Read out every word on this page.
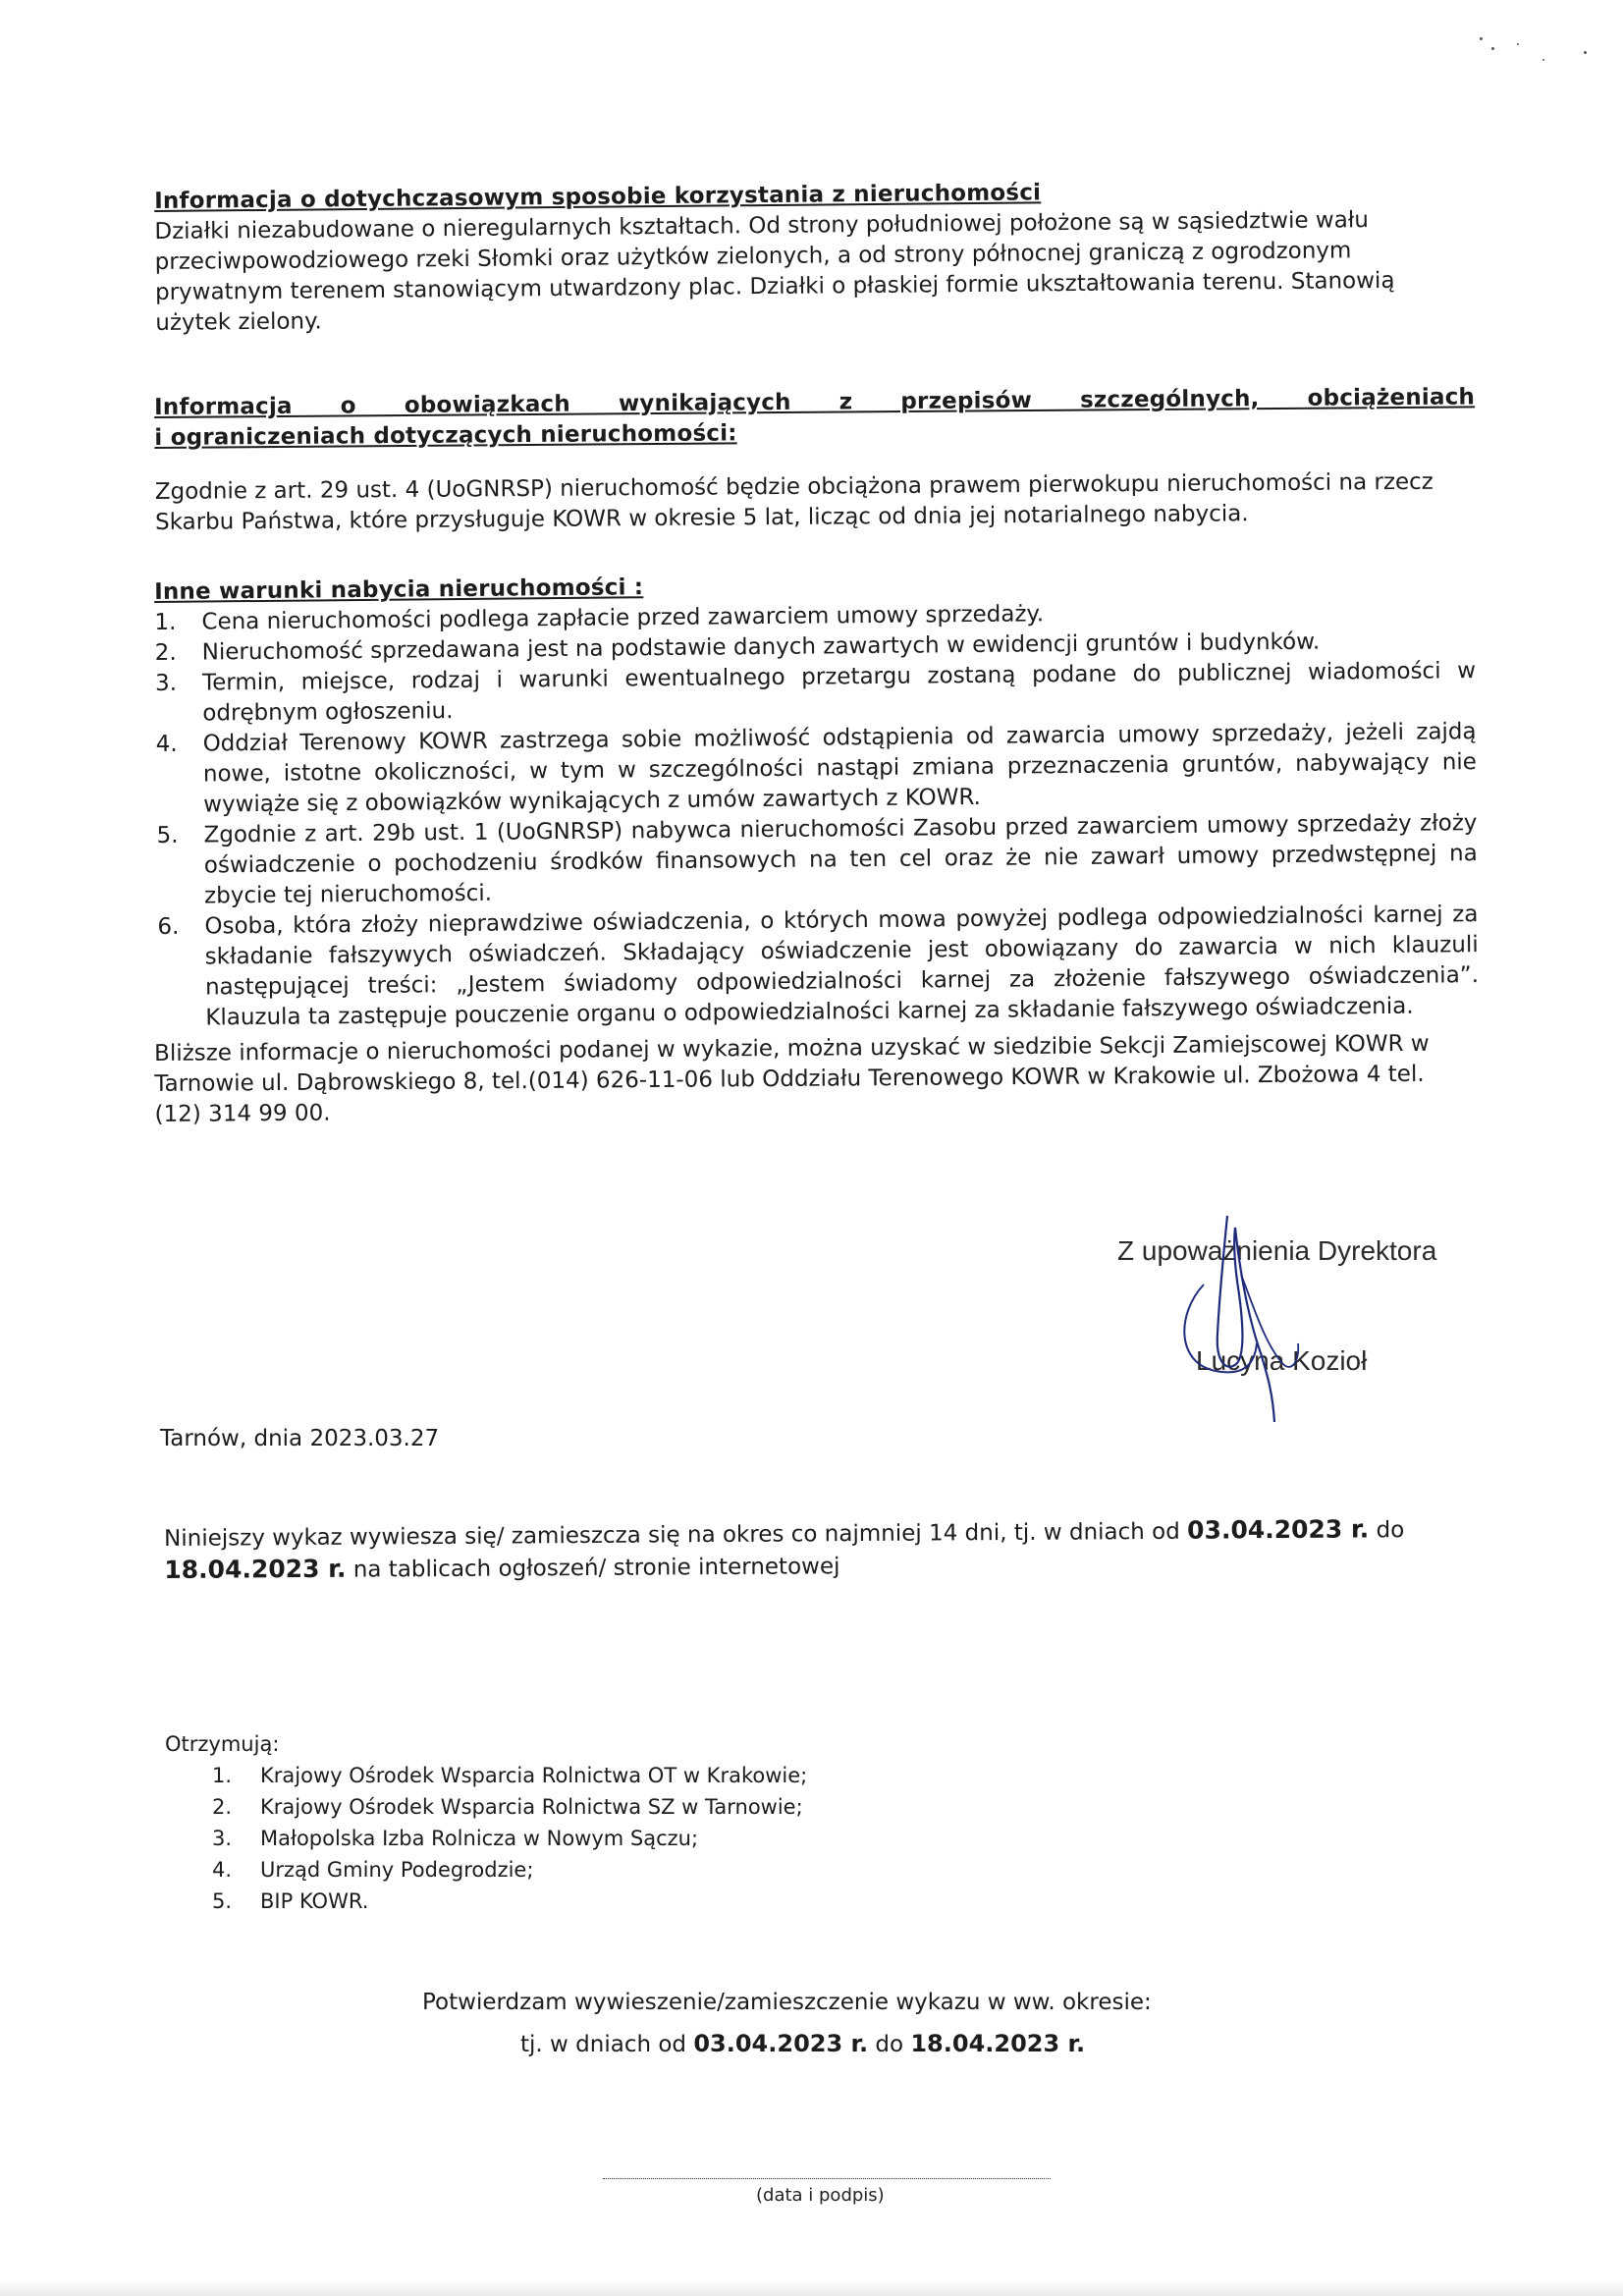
Informacja o dotychczasowym sposobie korzystania z nieruchomości

Działki niezabudowane o nieregularnych kształtach. Od strony południowej położone są w sąsiedztwie wału przeciwpowodziowego rzeki Słomki oraz użytków zielonych, a od strony północnej graniczą z ogrodzonym prywatnym terenem stanowiącym utwardzony plac. Działki o płaskiej formie ukształtowania terenu. Stanowią użytek zielony.

Informacja o obowiązkach wynikających z przepisów szczególnych, obciążeniach
i ograniczeniach dotyczących nieruchomości:

Zgodnie z art. 29 ust. 4 (UoGNRSP) nieruchomość będzie obciążona prawem pierwokupu nieruchomości na rzecz Skarbu Państwa, które przysługuje KOWR w okresie 5 lat, licząc od dnia jej notarialnego nabycia.

Inne warunki nabycia nieruchomości :
1. Cena nieruchomości podlega zapłacie przed zawarciem umowy sprzedaży.
2. Nieruchomość sprzedawana jest na podstawie danych zawartych w ewidencji gruntów i budynków.
3. Termin, miejsce, rodzaj i warunki ewentualnego przetargu zostaną podane do publicznej wiadomości w odrębnym ogłoszeniu.
4. Oddział Terenowy KOWR zastrzega sobie możliwość odstąpienia od zawarcia umowy sprzedaży, jeżeli zajdą nowe, istotne okoliczności, w tym w szczególności nastąpi zmiana przeznaczenia gruntów, nabywający nie wywiąże się z obowiązków wynikających z umów zawartych z KOWR.
5. Zgodnie z art. 29b ust. 1 (UoGNRSP) nabywca nieruchomości Zasobu przed zawarciem umowy sprzedaży złoży oświadczenie o pochodzeniu środków finansowych na ten cel oraz że nie zawarł umowy przedwstępnej na zbycie tej nieruchomości.
6. Osoba, która złoży nieprawdziwe oświadczenia, o których mowa powyżej podlega odpowiedzialności karnej za składanie fałszywych oświadczeń. Składający oświadczenie jest obowiązany do zawarcia w nich klauzuli następującej treści: „Jestem świadomy odpowiedzialności karnej za złożenie fałszywego oświadczenia”. Klauzula ta zastępuje pouczenie organu o odpowiedzialności karnej za składanie fałszywego oświadczenia.

Bliższe informacje o nieruchomości podanej w wykazie, można uzyskać w siedzibie Sekcji Zamiejscowej KOWR w Tarnowie ul. Dąbrowskiego 8, tel.(014) 626-11-06 lub Oddziału Terenowego KOWR w Krakowie ul. Zbożowa 4 tel. (12) 314 99 00.

Z upoważnienia Dyrektora
Lucyna Kozioł
Tarnów, dnia 2023.03.27
Niniejszy wykaz wywiesza się/ zamieszcza się na okres co najmniej 14 dni, tj. w dniach od 03.04.2023 r. do 18.04.2023 r. na tablicach ogłoszeń/ stronie internetowej
Otrzymują:
1. Krajowy Ośrodek Wsparcia Rolnictwa OT w Krakowie;
2. Krajowy Ośrodek Wsparcia Rolnictwa SZ w Tarnowie;
3. Małopolska Izba Rolnicza w Nowym Sączu;
4. Urząd Gminy Podegrodzie;
5. BIP KOWR.

Potwierdzam wywieszenie/zamieszczenie wykazu w ww. okresie:

tj. w dniach od 03.04.2023 r. do 18.04.2023 r.

(data i podpis)
